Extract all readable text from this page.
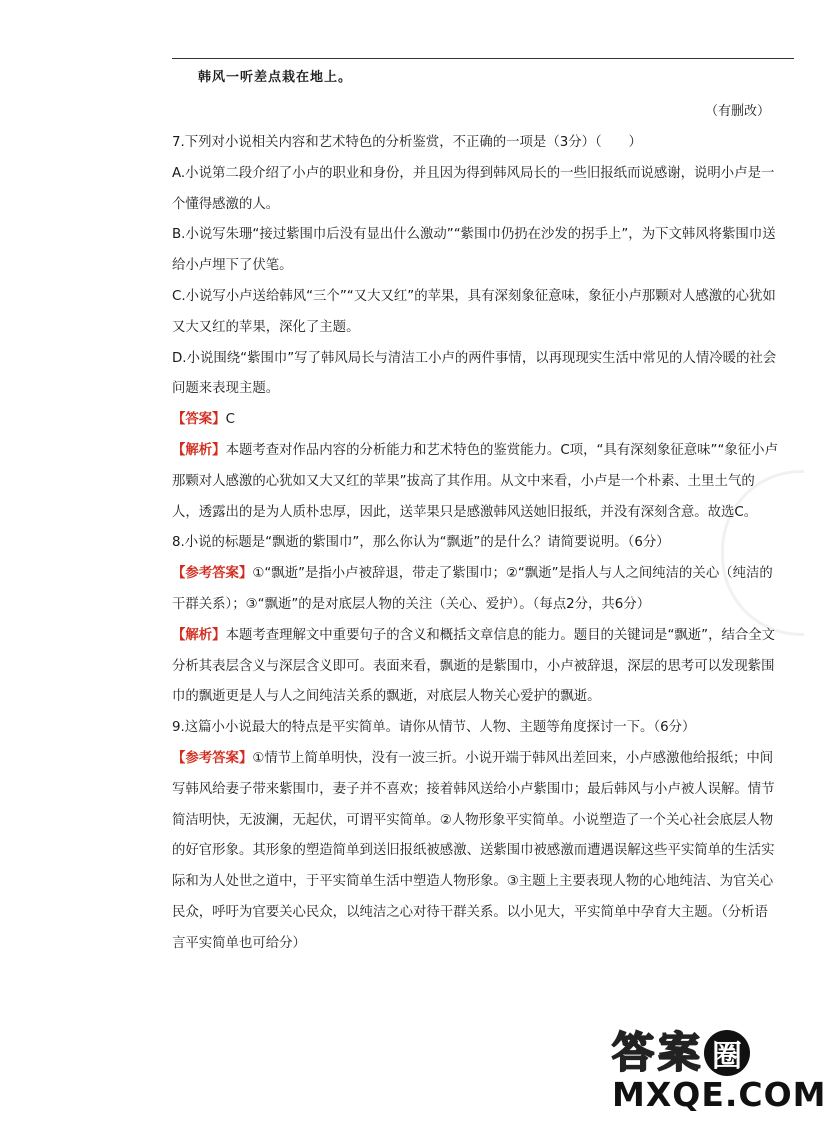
韩风一听差点栽在地上。
（有删改）

7.下列对小说相关内容和艺术特色的分析鉴赏，不正确的一项是（3分）（　　）

A.小说第二段介绍了小卢的职业和身份，并且因为得到韩风局长的一些旧报纸而说感谢，说明小卢是一个懂得感激的人。

B.小说写朱珊“接过紫围巾后没有显出什么激动”“紫围巾仍扔在沙发的拐手上”，为下文韩风将紫围巾送给小卢埋下了伏笔。

C.小说写小卢送给韩风“三个”“又大又红”的苹果，具有深刻象征意味，象征小卢那颗对人感激的心犹如又大又红的苹果，深化了主题。

D.小说围绕“紫围巾”写了韩风局长与清洁工小卢的两件事情，以再现现实生活中常见的人情冷暖的社会问题来表现主题。

【答案】C

【解析】本题考查对作品内容的分析能力和艺术特色的鉴赏能力。C项，“具有深刻象征意味”“象征小卢那颗对人感激的心犹如又大又红的苹果”拔高了其作用。从文中来看，小卢是一个朴素、土里土气的人，透露出的是为人质朴忠厚，因此，送苹果只是感激韩风送她旧报纸，并没有深刻含意。故选C。

8.小说的标题是“飘逝的紫围巾”，那么你认为“飘逝”的是什么？请简要说明。（6分）

【参考答案】①“飘逝”是指小卢被辞退，带走了紫围巾；②“飘逝”是指人与人之间纯洁的关心（纯洁的干群关系）；③“飘逝”的是对底层人物的关注（关心、爱护）。（每点2分，共6分）

【解析】本题考查理解文中重要句子的含义和概括文章信息的能力。题目的关键词是“飘逝”，结合全文分析其表层含义与深层含义即可。表面来看，飘逝的是紫围巾，小卢被辞退，深层的思考可以发现紫围巾的飘逝更是人与人之间纯洁关系的飘逝，对底层人物关心爱护的飘逝。

9.这篇小小说最大的特点是平实简单。请你从情节、人物、主题等角度探讨一下。（6分）

【参考答案】①情节上简单明快，没有一波三折。小说开端于韩风出差回来，小卢感激他给报纸；中间写韩风给妻子带来紫围巾，妻子并不喜欢；接着韩风送给小卢紫围巾；最后韩风与小卢被人误解。情节简洁明快，无波澜，无起伏，可谓平实简单。②人物形象平实简单。小说塑造了一个关心社会底层人物的好官形象。其形象的塑造简单到送旧报纸被感激、送紫围巾被感激而遭遇误解这些平实简单的生活实际和为人处世之道中，于平实简单生活中塑造人物形象。③主题上主要表现人物的心地纯洁、为官关心民众，呼吁为官要关心民众，以纯洁之心对待干群关系。以小见大，平实简单中孕育大主题。（分析语言平实简单也可给分）

答 案 圈
MXQE.COM
